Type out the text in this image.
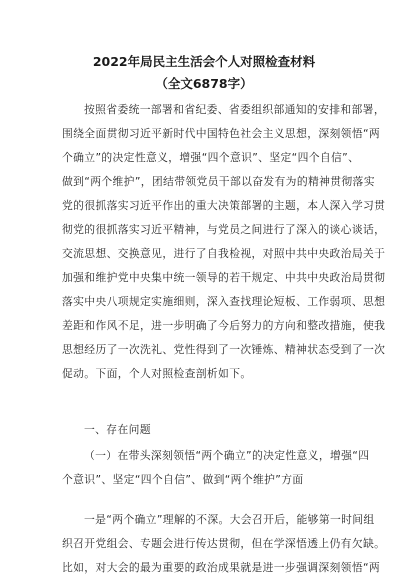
2022年局民主生活会个人对照检查材料
（全文6878字）
按照省委统一部署和省纪委、省委组织部通知的安排和部署，
围绕全面贯彻习近平新时代中国特色社会主义思想，深刻领悟“两
个确立”的决定性意义，增强“四个意识”、坚定“四个自信”、
做到“两个维护”，团结带领党员干部以奋发有为的精神贯彻落实
党的很抓落实习近平作出的重大决策部署的主题，本人深入学习贯
彻党的很抓落实习近平精神，与党员之间进行了深入的谈心谈话，
交流思想、交换意见，进行了自我检视，对照中共中央政治局关于
加强和维护党中央集中统一领导的若干规定、中共中央政治局贯彻
落实中央八项规定实施细则，深入查找理论短板、工作弱项、思想
差距和作风不足，进一步明确了今后努力的方向和整改措施，使我
思想经历了一次洗礼、党性得到了一次锤炼、精神状态受到了一次
促动。下面，个人对照检查剖析如下。
一、存在问题
（一）在带头深刻领悟“两个确立”的决定性意义，增强“四
个意识”、坚定“四个自信”、做到“两个维护”方面
一是“两个确立”理解的不深。大会召开后，能够第一时间组
织召开党组会、专题会进行传达贯彻，但在学深悟透上仍有欠缺。
比如，对大会的最为重要的政治成果就是进一步强调深刻领悟“两
